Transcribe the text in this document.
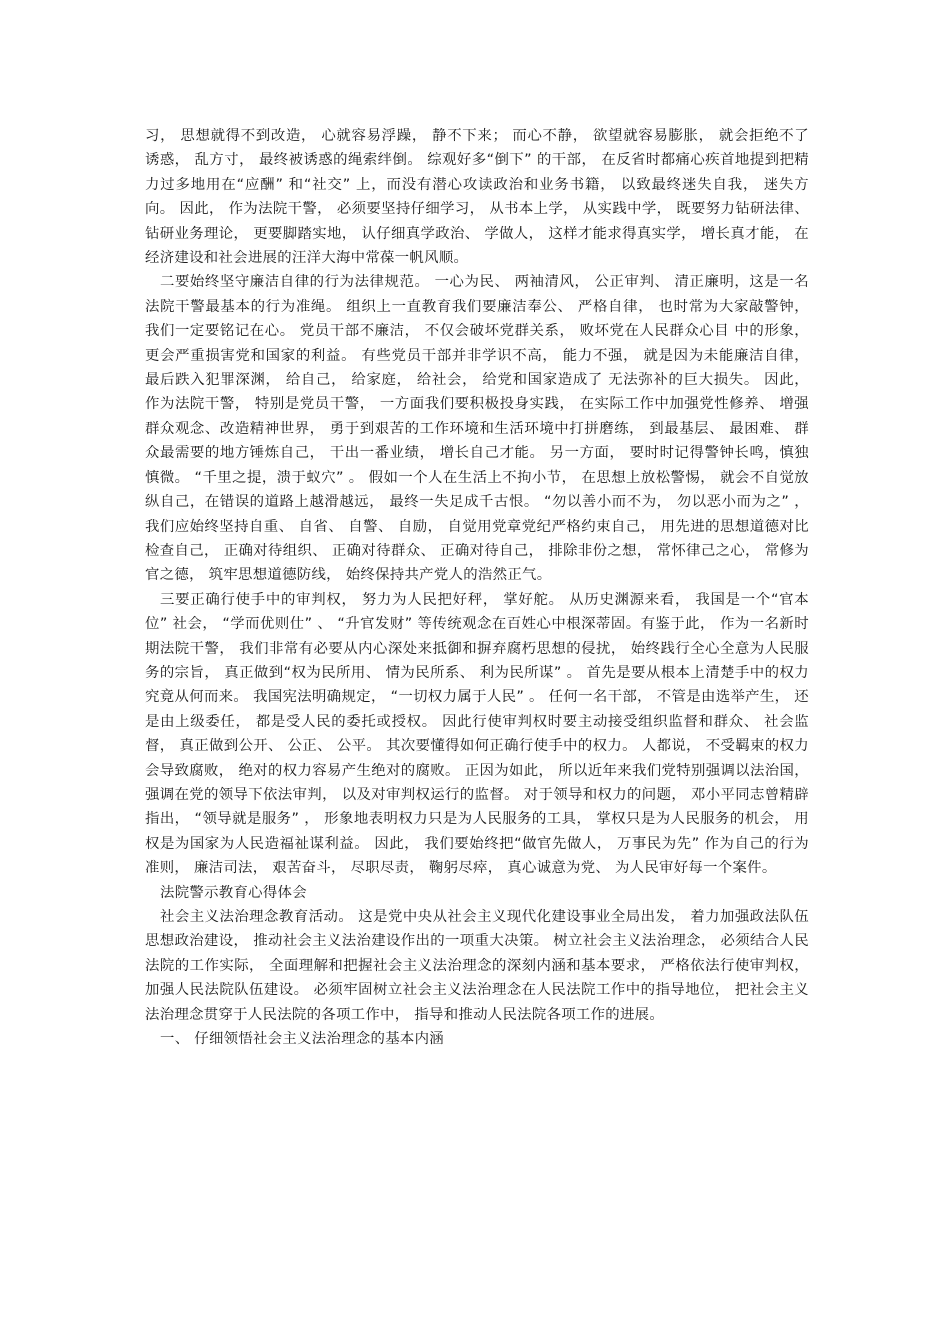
习， 思想就得不到改造， 心就容易浮躁， 静不下来； 而心不静， 欲望就容易膨胀， 就会拒绝不了 诱惑， 乱方寸， 最终被诱惑的绳索绊倒。 综观好多“倒下” 的干部， 在反省时都痛心疾首地提到把精力过多地用在“应酬” 和“社交” 上，而没有潜心攻读政治和业务书籍， 以致最终迷失自我， 迷失方向。 因此， 作为法院干警， 必须要坚持仔细学习， 从书本上学， 从实践中学， 既要努力钻研法律、 钻研业务理论， 更要脚踏实地， 认仔细真学政治、 学做人， 这样才能求得真实学， 增长真才能， 在经济建设和社会进展的汪洋大海中常葆一帆风顺。

二要始终坚守廉洁自律的行为法律规范。 一心为民、 两袖清风， 公正审判、 清正廉明，这是一名法院干警最基本的行为准绳。 组织上一直教育我们要廉洁奉公、 严格自律， 也时常为大家敲警钟， 我们一定要铭记在心。 党员干部不廉洁， 不仅会破坏党群关系， 败坏党在人民群众心目 中的形象， 更会严重损害党和国家的利益。 有些党员干部并非学识不高， 能力不强， 就是因为未能廉洁自律， 最后跌入犯罪深渊， 给自己， 给家庭， 给社会， 给党和国家造成了 无法弥补的巨大损失。 因此， 作为法院干警， 特别是党员干警， 一方面我们要积极投身实践， 在实际工作中加强党性修养、 增强群众观念、改造精神世界， 勇于到艰苦的工作环境和生活环境中打拼磨练， 到最基层、 最困难、 群众最需要的地方锤炼自己， 干出一番业绩， 增长自己才能。 另一方面， 要时时记得警钟长鸣，慎独慎微。 “千里之提，溃于蚁穴” 。 假如一个人在生活上不拘小节， 在思想上放松警惕， 就会不自觉放纵自己，在错误的道路上越滑越远， 最终一失足成千古恨。 “勿以善小而不为， 勿以恶小而为之” ， 我们应始终坚持自重、 自省、 自警、 自励， 自觉用党章党纪严格约束自己， 用先进的思想道德对比检查自己， 正确对待组织、 正确对待群众、 正确对待自己， 排除非份之想， 常怀律己之心， 常修为官之德， 筑牢思想道德防线， 始终保持共产党人的浩然正气。

三要正确行使手中的审判权， 努力为人民把好秤， 掌好舵。 从历史渊源来看， 我国是一个“官本位” 社会， “学而优则仕” 、 “升官发财” 等传统观念在百姓心中根深蒂固。有鉴于此， 作为一名新时期法院干警， 我们非常有必要从内心深处来抵御和摒弃腐朽思想的侵扰， 始终践行全心全意为人民服务的宗旨， 真正做到“权为民所用、 情为民所系、 利为民所谋” 。 首先是要从根本上清楚手中的权力究竟从何而来。 我国宪法明确规定， “一切权力属于人民” 。 任何一名干部， 不管是由选举产生， 还是由上级委任， 都是受人民的委托或授权。 因此行使审判权时要主动接受组织监督和群众、 社会监督， 真正做到公开、 公正、 公平。 其次要懂得如何正确行使手中的权力。 人都说， 不受羁束的权力会导致腐败， 绝对的权力容易产生绝对的腐败。 正因为如此， 所以近年来我们党特别强调以法治国， 强调在党的领导下依法审判， 以及对审判权运行的监督。 对于领导和权力的问题， 邓小平同志曾精辟指出， “领导就是服务” ， 形象地表明权力只是为人民服务的工具， 掌权只是为人民服务的机会， 用权是为国家为人民造福祉谋利益。 因此， 我们要始终把“做官先做人， 万事民为先” 作为自己的行为准则， 廉洁司法， 艰苦奋斗， 尽职尽责， 鞠躬尽瘁， 真心诚意为党、 为人民审好每一个案件。

法院警示教育心得体会

社会主义法治理念教育活动。 这是党中央从社会主义现代化建设事业全局出发， 着力加强政法队伍思想政治建设， 推动社会主义法治建设作出的一项重大决策。 树立社会主义法治理念， 必须结合人民法院的工作实际， 全面理解和把握社会主义法治理念的深刻内涵和基本要求， 严格依法行使审判权， 加强人民法院队伍建设。 必须牢固树立社会主义法治理念在人民法院工作中的指导地位， 把社会主义法治理念贯穿于人民法院的各项工作中， 指导和推动人民法院各项工作的进展。

一、 仔细领悟社会主义法治理念的基本内涵
